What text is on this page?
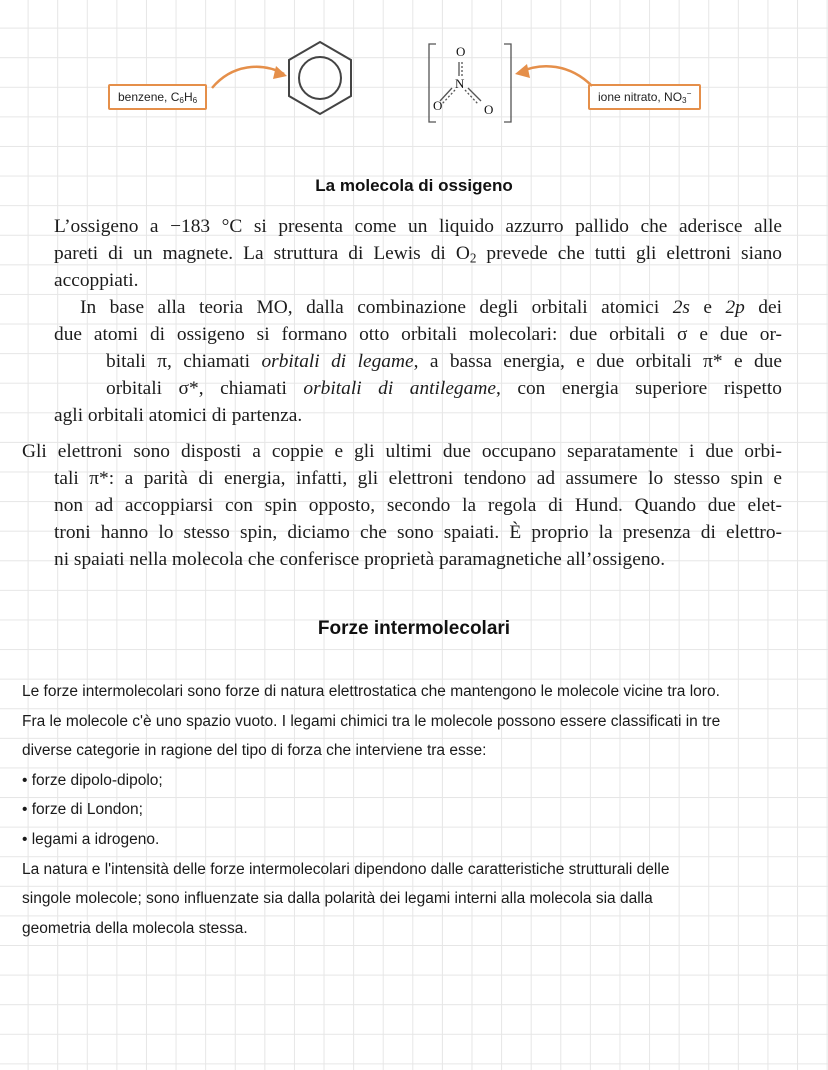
benzene, $C_6H_6$	ione nitrato, $NO_3^-$
O
N
O	O
La molecola di ossigeno
L’ossigeno a −183 °C si presenta come un liquido azzurro pallido che aderisce alle
pareti di un magnete. La struttura di Lewis di $O_2$ prevede che tutti gli elettroni siano
accoppiati.
In base alla teoria MO, dalla combinazione degli orbitali atomici 2s e 2p dei
due atomi di ossigeno si formano otto orbitali molecolari: due orbitali σ e due or-
bitali π, chiamati orbitali di legame, a bassa energia, e due orbitali π* e due
orbitali σ*, chiamati orbitali di antilegame, con energia superiore rispetto
agli orbitali atomici di partenza.
Gli elettroni sono disposti a coppie e gli ultimi due occupano separatamente i due orbi-
tali π*: a parità di energia, infatti, gli elettroni tendono ad assumere lo stesso spin e
non ad accoppiarsi con spin opposto, secondo la regola di Hund. Quando due elet-
troni hanno lo stesso spin, diciamo che sono spaiati. È proprio la presenza di elettro-
ni spaiati nella molecola che conferisce proprietà paramagnetiche all’ossigeno.
Forze intermolecolari
Le forze intermolecolari sono forze di natura elettrostatica che mantengono le molecole vicine tra loro.
Fra le molecole c'è uno spazio vuoto. I legami chimici tra le molecole possono essere classificati in tre
diverse categorie in ragione del tipo di forza che interviene tra esse:
• forze dipolo-dipolo;
• forze di London;
• legami a idrogeno.
La natura e l'intensità delle forze intermolecolari dipendono dalle caratteristiche strutturali delle
singole molecole; sono influenzate sia dalla polarità dei legami interni alla molecola sia dalla
geometria della molecola stessa.
